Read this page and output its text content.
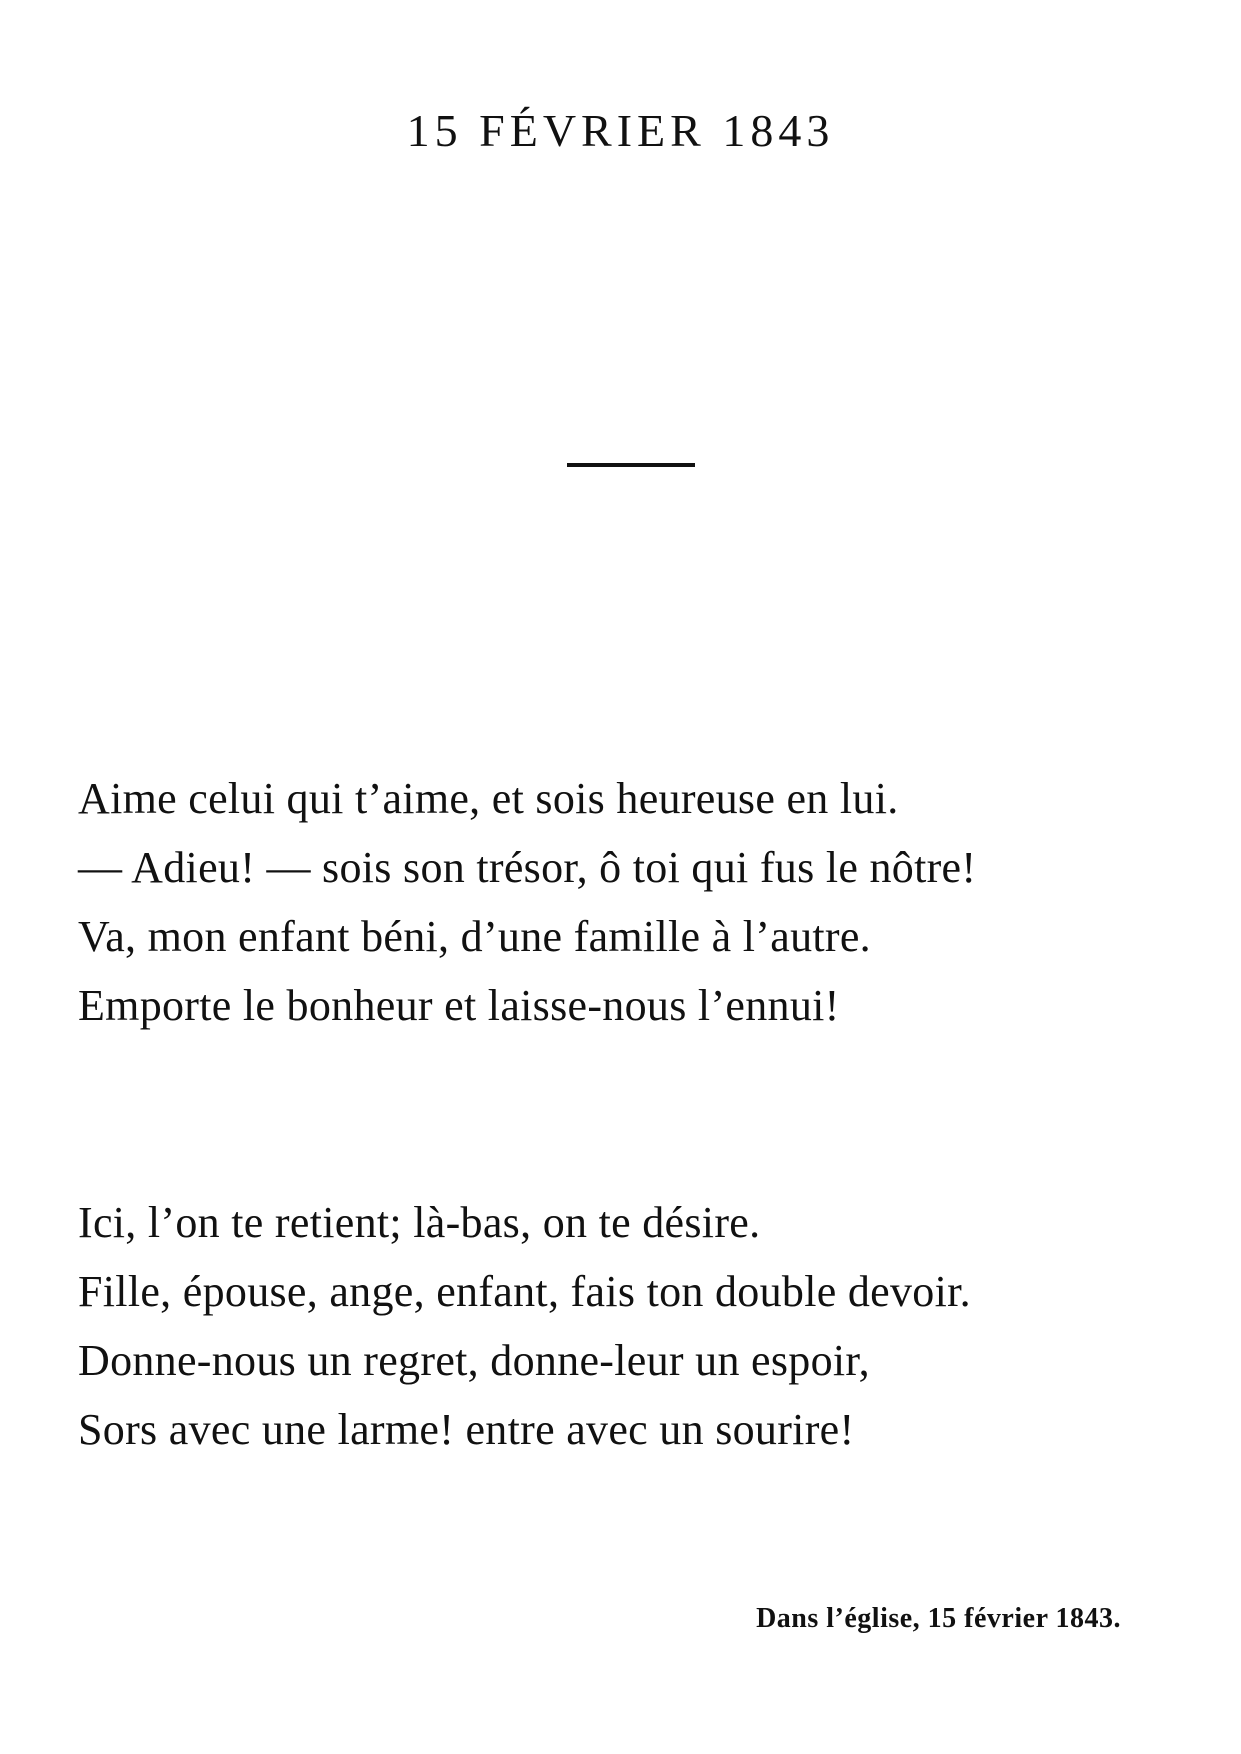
15 FÉVRIER 1843
Aime celui qui t’aime, et sois heureuse en lui.
— Adieu! — sois son trésor, ô toi qui fus le nôtre!
Va, mon enfant béni, d’une famille à l’autre.
Emporte le bonheur et laisse-nous l’ennui!
Ici, l’on te retient; là-bas, on te désire.
Fille, épouse, ange, enfant, fais ton double devoir.
Donne-nous un regret, donne-leur un espoir,
Sors avec une larme! entre avec un sourire!
Dans l’église, 15 février 1843.
